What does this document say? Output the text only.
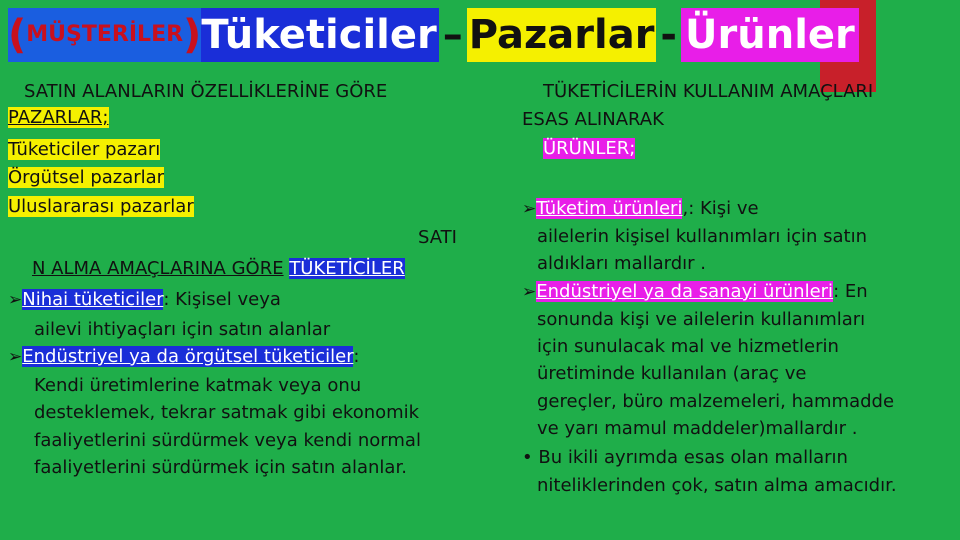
( MÜŞTERİLER ) Tüketiciler – Pazarlar - Ürünler
SATIN ALANLARIN ÖZELLİKLERİNE GÖRE
PAZARLAR;
Tüketiciler pazarı
Örgütsel pazarlar
Uluslararası pazarlar
SATI
N ALMA AMAÇLARINA GÖRE TÜKETİCİLER
➢Nihai tüketiciler: Kişisel veya
ailevi ihtiyaçları için satın alanlar
➢Endüstriyel ya da örgütsel tüketiciler:
Kendi üretimlerine katmak veya onu
desteklemek, tekrar satmak gibi ekonomik
faaliyetlerini sürdürmek veya kendi normal
faaliyetlerini sürdürmek için satın alanlar.
TÜKETİCİLERİN KULLANIM AMAÇLARI
ESAS ALINARAK
ÜRÜNLER;
➢Tüketim ürünleri,: Kişi ve
ailelerin kişisel kullanımları için satın
aldıkları mallardır .
➢Endüstriyel ya da sanayi ürünleri: En
sonunda kişi ve ailelerin kullanımları
için sunulacak mal ve hizmetlerin
üretiminde kullanılan (araç ve
gereçler, büro malzemeleri, hammadde
ve yarı mamul maddeler)mallardır .
• Bu ikili ayrımda esas olan malların
niteliklerinden çok, satın alma amacıdır.
